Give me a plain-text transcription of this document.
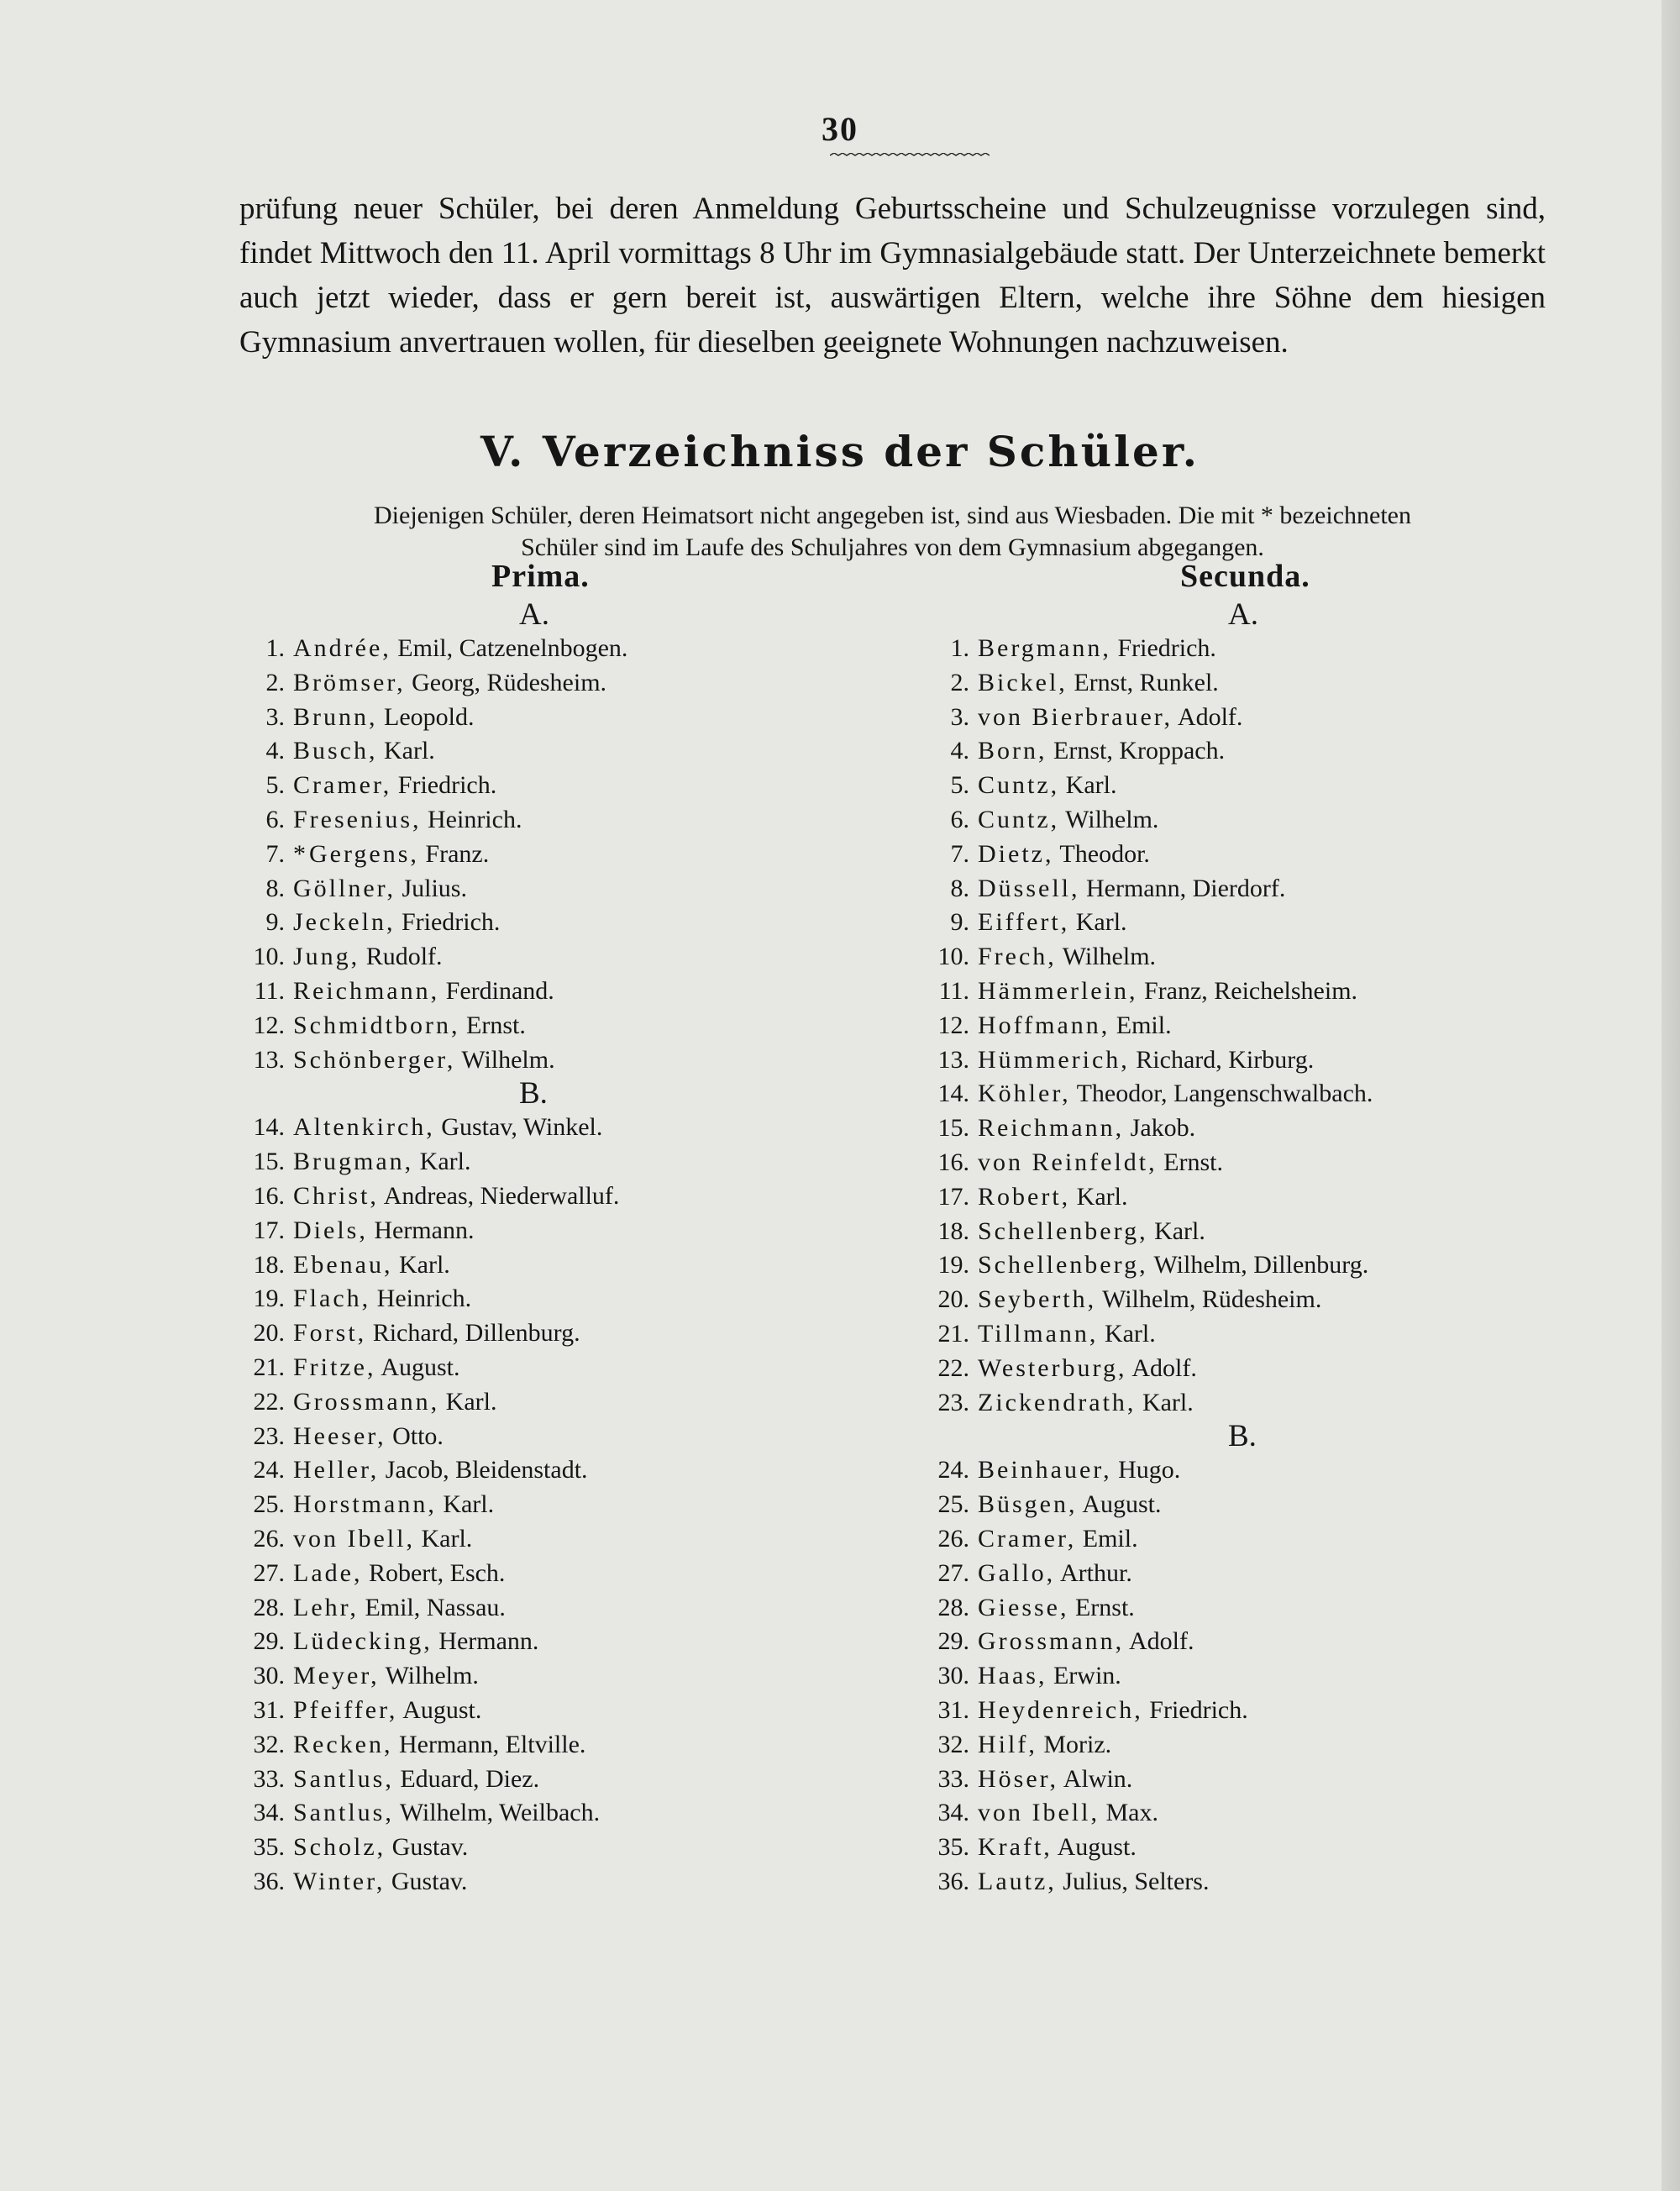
30
prüfung neuer Schüler, bei deren Anmeldung Geburtsscheine und Schulzeugnisse vorzulegen sind, findet Mittwoch den 11. April vormittags 8 Uhr im Gymnasialgebäude statt. Der Unterzeichnete bemerkt auch jetzt wieder, dass er gern bereit ist, auswärtigen Eltern, welche ihre Söhne dem hiesigen Gymnasium anvertrauen wollen, für dieselben geeignete Wohnungen nachzuweisen.
V. Verzeichniss der Schüler.
Diejenigen Schüler, deren Heimatsort nicht angegeben ist, sind aus Wiesbaden. Die mit * bezeichneten
Schüler sind im Laufe des Schuljahres von dem Gymnasium abgegangen.
Prima.	Secunda.
A.
1. Andrée, Emil, Catzenelnbogen.
2. Brömser, Georg, Rüdesheim.
3. Brunn, Leopold.
4. Busch, Karl.
5. Cramer, Friedrich.
6. Fresenius, Heinrich.
7. * Gergens, Franz.
8. Göllner, Julius.
9. Jeckeln, Friedrich.
10. Jung, Rudolf.
11. Reichmann, Ferdinand.
12. Schmidtborn, Ernst.
13. Schönberger, Wilhelm.
B.
14. Altenkirch, Gustav, Winkel.
15. Brugman, Karl.
16. Christ, Andreas, Niederwalluf.
17. Diels, Hermann.
18. Ebenau, Karl.
19. Flach, Heinrich.
20. Forst, Richard, Dillenburg.
21. Fritze, August.
22. Grossmann, Karl.
23. Heeser, Otto.
24. Heller, Jacob, Bleidenstadt.
25. Horstmann, Karl.
26. von Ibell, Karl.
27. Lade, Robert, Esch.
28. Lehr, Emil, Nassau.
29. Lüdecking, Hermann.
30. Meyer, Wilhelm.
31. Pfeiffer, August.
32. Recken, Hermann, Eltville.
33. Santlus, Eduard, Diez.
34. Santlus, Wilhelm, Weilbach.
35. Scholz, Gustav.
36. Winter, Gustav.
A.
1. Bergmann, Friedrich.
2. Bickel, Ernst, Runkel.
3. von Bierbrauer, Adolf.
4. Born, Ernst, Kroppach.
5. Cuntz, Karl.
6. Cuntz, Wilhelm.
7. Dietz, Theodor.
8. Düssell, Hermann, Dierdorf.
9. Eiffert, Karl.
10. Frech, Wilhelm.
11. Hämmerlein, Franz, Reichelsheim.
12. Hoffmann, Emil.
13. Hümmerich, Richard, Kirburg.
14. Köhler, Theodor, Langenschwalbach.
15. Reichmann, Jakob.
16. von Reinfeldt, Ernst.
17. Robert, Karl.
18. Schellenberg, Karl.
19. Schellenberg, Wilhelm, Dillenburg.
20. Seyberth, Wilhelm, Rüdesheim.
21. Tillmann, Karl.
22. Westerburg, Adolf.
23. Zickendrath, Karl.
B.
24. Beinhauer, Hugo.
25. Büsgen, August.
26. Cramer, Emil.
27. Gallo, Arthur.
28. Giesse, Ernst.
29. Grossmann, Adolf.
30. Haas, Erwin.
31. Heydenreich, Friedrich.
32. Hilf, Moriz.
33. Höser, Alwin.
34. von Ibell, Max.
35. Kraft, August.
36. Lautz, Julius, Selters.
